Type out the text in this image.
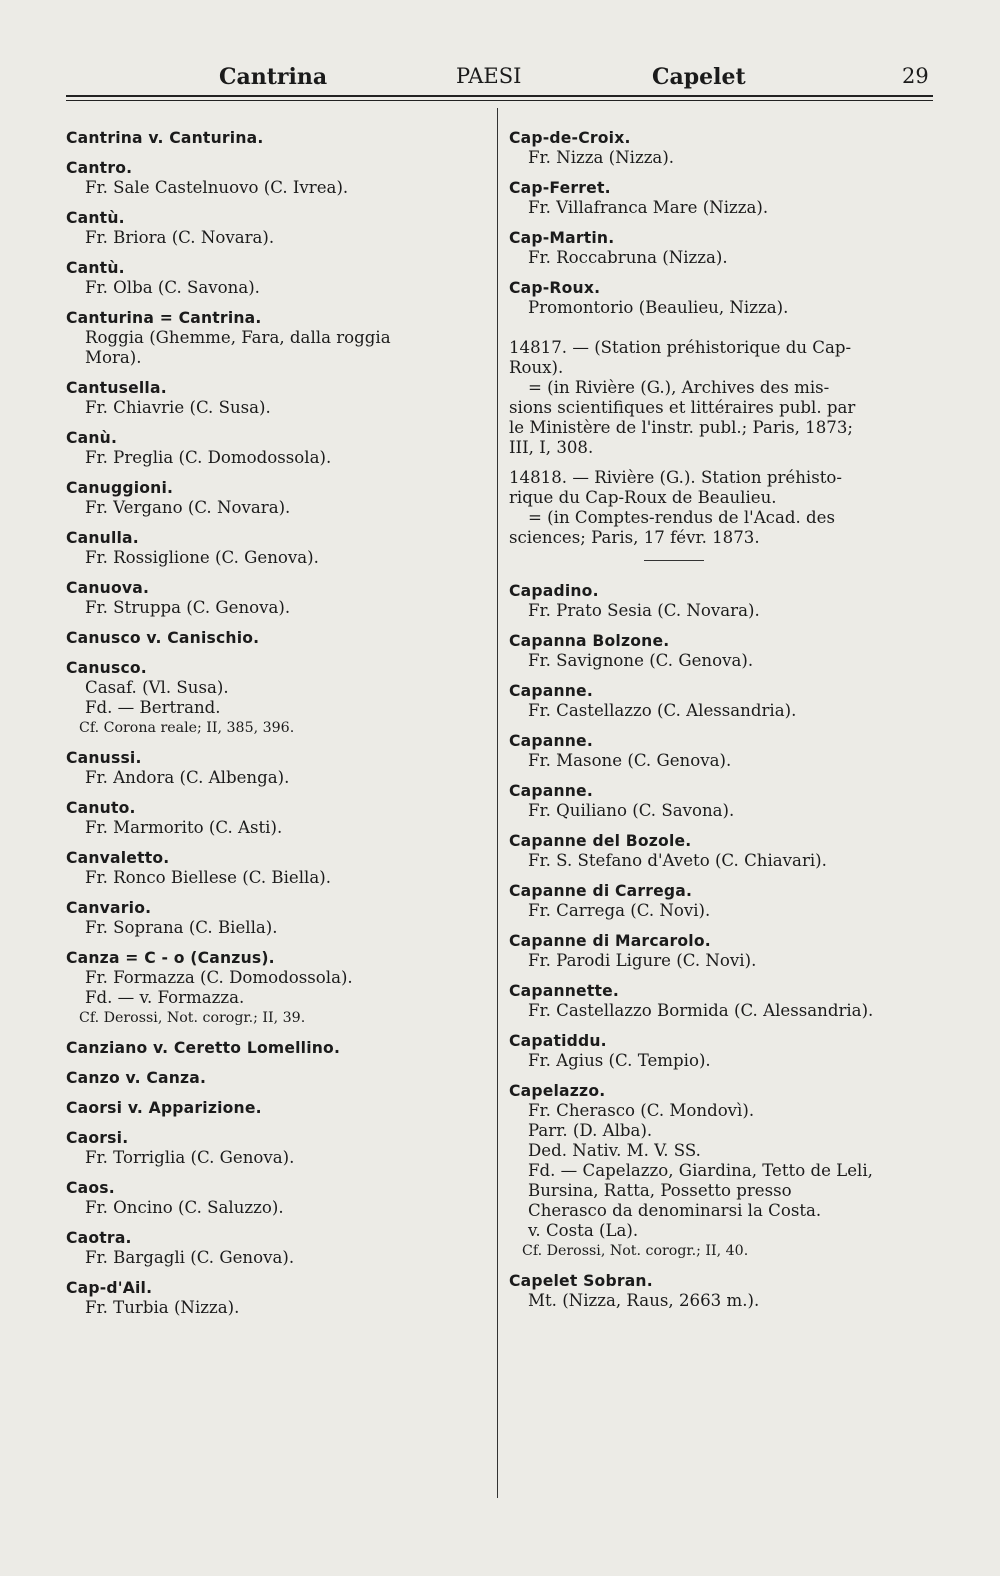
Cantrina	PAESI	Capelet	29
Cantrina v. Canturina.
Cantro.
Fr. Sale Castelnuovo (C. Ivrea).
Cantù.
Fr. Briora (C. Novara).
Cantù.
Fr. Olba (C. Savona).
Canturina = Cantrina.
Roggia (Ghemme, Fara, dalla roggia
Mora).
Cantusella.
Fr. Chiavrie (C. Susa).
Canù.
Fr. Preglia (C. Domodossola).
Canuggioni.
Fr. Vergano (C. Novara).
Canulla.
Fr. Rossiglione (C. Genova).
Canuova.
Fr. Struppa (C. Genova).
Canusco v. Canischio.
Canusco.
Casaf. (Vl. Susa).
Fd. — Bertrand.
Cf. Corona reale; II, 385, 396.
Canussi.
Fr. Andora (C. Albenga).
Canuto.
Fr. Marmorito (C. Asti).
Canvaletto.
Fr. Ronco Biellese (C. Biella).
Canvario.
Fr. Soprana (C. Biella).
Canza = C - o (Canzus).
Fr. Formazza (C. Domodossola).
Fd. — v. Formazza.
Cf. Derossi, Not. corogr.; II, 39.
Canziano v. Ceretto Lomellino.
Canzo v. Canza.
Caorsi v. Apparizione.
Caorsi.
Fr. Torriglia (C. Genova).
Caos.
Fr. Oncino (C. Saluzzo).
Caotra.
Fr. Bargagli (C. Genova).
Cap-d'Ail.
Fr. Turbia (Nizza).
Cap-de-Croix.
Fr. Nizza (Nizza).
Cap-Ferret.
Fr. Villafranca Mare (Nizza).
Cap-Martin.
Fr. Roccabruna (Nizza).
Cap-Roux.
Promontorio (Beaulieu, Nizza).
14817. — (Station préhistorique du Cap-
Roux).
= (in Rivière (G.), Archives des mis-
sions scientifiques et littéraires publ. par
le Ministère de l'instr. publ.; Paris, 1873;
III, I, 308.
14818. — Rivière (G.). Station préhisto-
rique du Cap-Roux de Beaulieu.
= (in Comptes-rendus de l'Acad. des
sciences; Paris, 17 févr. 1873.
Capadino.
Fr. Prato Sesia (C. Novara).
Capanna Bolzone.
Fr. Savignone (C. Genova).
Capanne.
Fr. Castellazzo (C. Alessandria).
Capanne.
Fr. Masone (C. Genova).
Capanne.
Fr. Quiliano (C. Savona).
Capanne del Bozole.
Fr. S. Stefano d'Aveto (C. Chiavari).
Capanne di Carrega.
Fr. Carrega (C. Novi).
Capanne di Marcarolo.
Fr. Parodi Ligure (C. Novi).
Capannette.
Fr. Castellazzo Bormida (C. Alessandria).
Capatiddu.
Fr. Agius (C. Tempio).
Capelazzo.
Fr. Cherasco (C. Mondovì).
Parr. (D. Alba).
Ded. Nativ. M. V. SS.
Fd. — Capelazzo, Giardina, Tetto de Leli,
Bursina, Ratta, Possetto presso
Cherasco da denominarsi la Costa.
v. Costa (La).
Cf. Derossi, Not. corogr.; II, 40.
Capelet Sobran.
Mt. (Nizza, Raus, 2663 m.).
